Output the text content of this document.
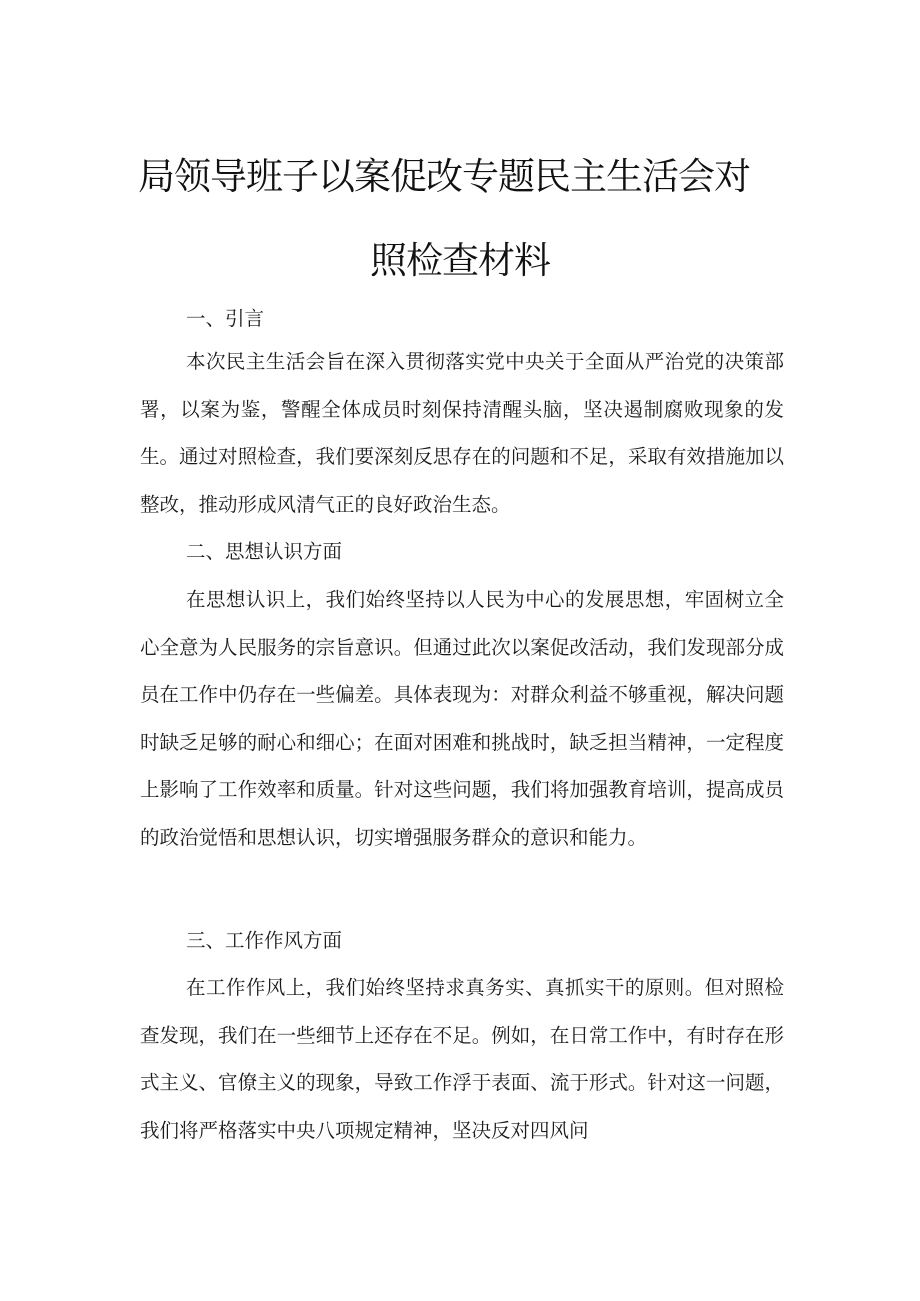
局领导班子以案促改专题民主生活会对
照检查材料

一、引言

本次民主生活会旨在深入贯彻落实党中央关于全面从严治党的决策部署，以案为鉴，警醒全体成员时刻保持清醒头脑，坚决遏制腐败现象的发生。通过对照检查，我们要深刻反思存在的问题和不足，采取有效措施加以整改，推动形成风清气正的良好政治生态。

二、思想认识方面

在思想认识上，我们始终坚持以人民为中心的发展思想，牢固树立全心全意为人民服务的宗旨意识。但通过此次以案促改活动，我们发现部分成员在工作中仍存在一些偏差。具体表现为：对群众利益不够重视，解决问题时缺乏足够的耐心和细心；在面对困难和挑战时，缺乏担当精神，一定程度上影响了工作效率和质量。针对这些问题，我们将加强教育培训，提高成员的政治觉悟和思想认识，切实增强服务群众的意识和能力。

三、工作作风方面

在工作作风上，我们始终坚持求真务实、真抓实干的原则。但对照检查发现，我们在一些细节上还存在不足。例如，在日常工作中，有时存在形式主义、官僚主义的现象，导致工作浮于表面、流于形式。针对这一问题，我们将严格落实中央八项规定精神，坚决反对四风问
